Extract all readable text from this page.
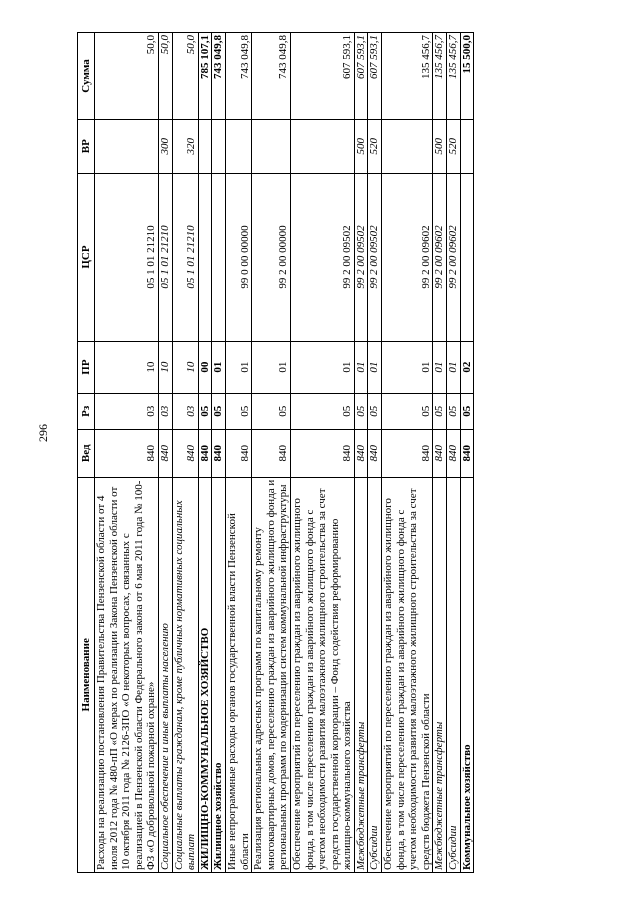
296
Наименование	Вед	Рз	ПР	ЦСР	ВР	Сумма
Расходы на реализацию постановления Правительства Пензенской области от 4 июля 2012 года № 480-пП «О мерах по реализации Закона Пензенской области от 10 октября 2011 года № 2126-ЗПО «О некоторых вопросах, связанных с реализацией в Пензенской области Федерального закона от 6 мая 2011 года № 100-ФЗ «О добровольной пожарной охране»	840	03	10	05 1 01 21210		50,0
Социальное обеспечение и иные выплаты населению	840	03	10	05 1 01 21210	300	50,0
Социальные выплаты гражданам, кроме публичных нормативных социальных выплат	840	03	10	05 1 01 21210	320	50,0
ЖИЛИЩНО-КОММУНАЛЬНОЕ ХОЗЯЙСТВО	840	05	00			785 107,1
Жилищное хозяйство	840	05	01			743 049,8
Иные непрограммные расходы органов государственной власти Пензенской области	840	05	01	99 0 00 00000		743 049,8
Реализация региональных адресных программ по капитальному ремонту многоквартирных домов, переселению граждан из аварийного жилищного фонда и региональных программ по модернизации систем коммунальной инфраструктуры	840	05	01	99 2 00 00000		743 049,8
Обеспечение мероприятий по переселению граждан из аварийного жилищного фонда, в том числе переселению граждан из аварийного жилищного фонда с учетом необходимости развития малоэтажного жилищного строительства за счет средств государственной корпорации – Фонд содействия реформированию жилищно-коммунального хозяйства	840	05	01	99 2 00 09502		607 593,1
Межбюджетные трансферты	840	05	01	99 2 00 09502	500	607 593,1
Субсидии	840	05	01	99 2 00 09502	520	607 593,1
Обеспечение мероприятий по переселению граждан из аварийного жилищного фонда, в том числе переселению граждан из аварийного жилищного фонда с учетом необходимости развития малоэтажного жилищного строительства за счет средств бюджета Пензенской области	840	05	01	99 2 00 09602		135 456,7
Межбюджетные трансферты	840	05	01	99 2 00 09602	500	135 456,7
Субсидии	840	05	01	99 2 00 09602	520	135 456,7
Коммунальное хозяйство	840	05	02			15 500,0
